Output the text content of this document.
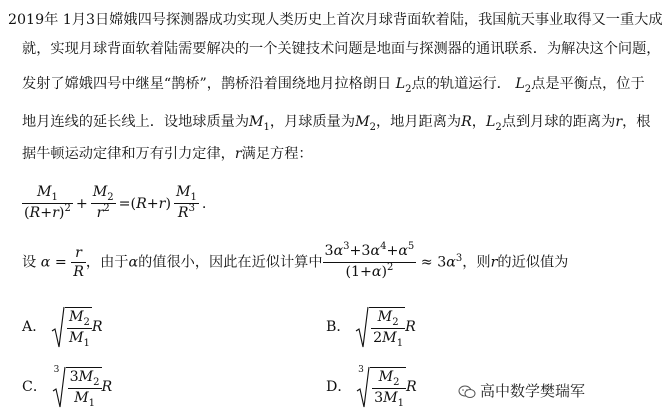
2019年 1月3日嫦娥四号探测器成功实现人类历史上首次月球背面软着陆，我国航天事业取得又一重大成
就，实现月球背面软着陆需要解决的一个关键技术问题是地面与探测器的通讯联系．为解决这个问题，
发射了嫦娥四号中继星“鹊桥”，鹊桥沿着围绕地月拉格朗日 $L_2$点的轨道运行． $L_2$点是平衡点，位于
地月连线的延长线上．设地球质量为$M_1$，月球质量为$M_2$，地月距离为R，$L_2$点到月球的距离为r，根
据牛顿运动定律和万有引力定律，r满足方程：
$\frac{M_1}{(R+r)^2} + \frac{M_2}{r^2} =(R+r) \frac{M_1}{R^3}$ .
设 $\alpha = \frac{r}{R}$ ，由于α的值很小，因此在近似计算中 $\frac{3\alpha^3+3\alpha^4+\alpha^5}{(1+\alpha)^2} \approx 3\alpha^3$，则r的近似值为
A． $\frac{M_2}{M_1}$ R	B． $\frac{M_2}{2M_1}$ R
C．
$3 \frac{3M_2}{M_1}$ R	D．
$3 \frac{M_2}{3M_1}$ R	高中数学樊瑞军
